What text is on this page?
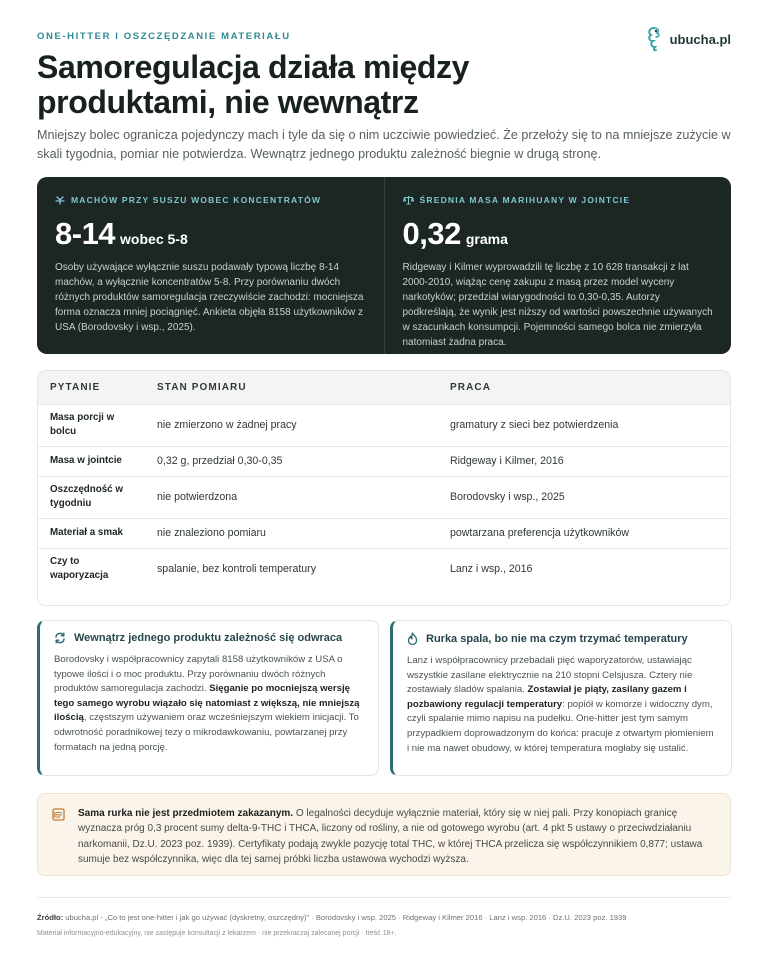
ONE-HITTER I OSZCZĘDZANIE MATERIAŁU	ubucha.pl
Samoregulacja działa między produktami, nie wewnątrz

Mniejszy bolec ogranicza pojedynczy mach i tyle da się o nim uczciwie powiedzieć. Że przełoży się to na mniejsze zużycie w skali tygodnia, pomiar nie potwierdza. Wewnątrz jednego produktu zależność biegnie w drugą stronę.

MACHÓW PRZY SUSZU WOBEC KONCENTRATÓW
8-14 wobec 5-8

Osoby używające wyłącznie suszu podawały typową liczbę 8-14 machów, a wyłącznie koncentratów 5-8. Przy porównaniu dwóch różnych produktów samoregulacja rzeczywiście zachodzi: mocniejsza forma oznacza mniej pociągnięć. Ankieta objęła 8158 użytkowników z USA (Borodovsky i wsp., 2025).

ŚREDNIA MASA MARIHUANY W JOINTCIE
0,32 grama

Ridgeway i Kilmer wyprowadzili tę liczbę z 10 628 transakcji z lat 2000-2010, wiążąc cenę zakupu z masą przez model wyceny narkotyków; przedział wiarygodności to 0,30-0,35. Autorzy podkreślają, że wynik jest niższy od wartości powszechnie używanych w szacunkach konsumpcji. Pojemności samego bolca nie zmierzyła natomiast żadna praca.

PYTANIE	STAN POMIARU	PRACA
Masa porcji w bolcu	nie zmierzono w żadnej pracy	gramatury z sieci bez potwierdzenia
Masa w jointcie	0,32 g, przedział 0,30-0,35	Ridgeway i Kilmer, 2016
Oszczędność w tygodniu	nie potwierdzona	Borodovsky i wsp., 2025
Materiał a smak	nie znaleziono pomiaru	powtarzana preferencja użytkowników
Czy to waporyzacja	spalanie, bez kontroli temperatury	Lanz i wsp., 2016
Wewnątrz jednego produktu zależność się odwraca

Borodovsky i współpracownicy zapytali 8158 użytkowników z USA o typowe ilości i o moc produktu. Przy porównaniu dwóch różnych produktów samoregulacja zachodzi. Sięganie po mocniejszą wersję tego samego wyrobu wiązało się natomiast z większą, nie mniejszą ilością, częstszym używaniem oraz wcześniejszym wiekiem inicjacji. To odwrotność poradnikowej tezy o mikrodawkowaniu, powtarzanej przy formatach na jedną porcję.

Rurka spala, bo nie ma czym trzymać temperatury

Lanz i współpracownicy przebadali pięć waporyzatorów, ustawiając wszystkie zasilane elektrycznie na 210 stopni Celsjusza. Cztery nie zostawiały śladów spalania. Zostawiał je piąty, zasilany gazem i pozbawiony regulacji temperatury: popiół w komorze i widoczny dym, czyli spalanie mimo napisu na pudełku. One-hitter jest tym samym przypadkiem doprowadzonym do końca: pracuje z otwartym płomieniem i nie ma nawet obudowy, w której temperatura mogłaby się ustalić.

Sama rurka nie jest przedmiotem zakazanym. O legalności decyduje wyłącznie materiał, który się w niej pali. Przy konopiach granicę wyznacza próg 0,3 procent sumy delta-9-THC i THCA, liczony od rośliny, a nie od gotowego wyrobu (art. 4 pkt 5 ustawy o przeciwdziałaniu narkomanii, Dz.U. 2023 poz. 1939). Certyfikaty podają zwykle pozycję total THC, w której THCA przelicza się współczynnikiem 0,877; ustawa sumuje bez współczynnika, więc dla tej samej próbki liczba ustawowa wychodzi wyższa.

Źródło: ubucha.pl - „Co to jest one-hitter i jak go używać (dyskretny, oszczędny)” · Borodovsky i wsp. 2025 · Ridgeway i Kilmer 2016 · Lanz i wsp. 2016 · Dz.U. 2023 poz. 1939

Materiał informacyjno-edukacyjny, nie zastępuje konsultacji z lekarzem · nie przekraczaj zalecanej porcji · treść 18+.
